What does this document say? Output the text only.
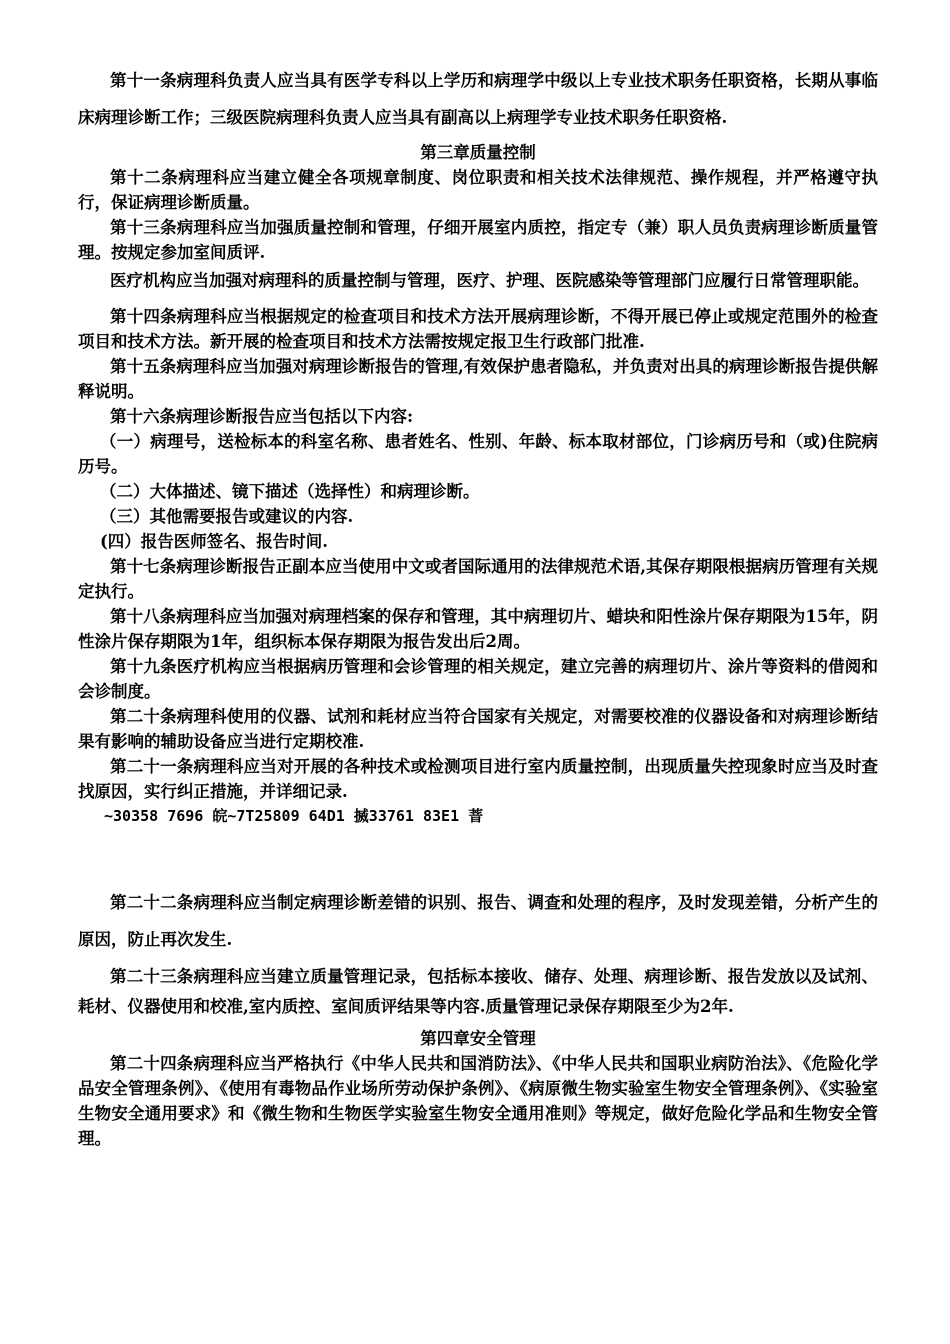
第十一条病理科负责人应当具有医学专科以上学历和病理学中级以上专业技术职务任职资格，长期从事临床病理诊断工作；三级医院病理科负责人应当具有副高以上病理学专业技术职务任职资格.

第三章质量控制

第十二条病理科应当建立健全各项规章制度、岗位职责和相关技术法律规范、操作规程，并严格遵守执行，保证病理诊断质量。

第十三条病理科应当加强质量控制和管理，仔细开展室内质控，指定专（兼）职人员负责病理诊断质量管理。按规定参加室间质评.

医疗机构应当加强对病理科的质量控制与管理，医疗、护理、医院感染等管理部门应履行日常管理职能。

第十四条病理科应当根据规定的检查项目和技术方法开展病理诊断，不得开展已停止或规定范围外的检查项目和技术方法。新开展的检查项目和技术方法需按规定报卫生行政部门批准.

第十五条病理科应当加强对病理诊断报告的管理,有效保护患者隐私，并负责对出具的病理诊断报告提供解释说明。

第十六条病理诊断报告应当包括以下内容:

（一）病理号，送检标本的科室名称、患者姓名、性别、年龄、标本取材部位，门诊病历号和（或)住院病历号。

（二）大体描述、镜下描述（选择性）和病理诊断。

（三）其他需要报告或建议的内容.

(四）报告医师签名、报告时间.

第十七条病理诊断报告正副本应当使用中文或者国际通用的法律规范术语,其保存期限根据病历管理有关规定执行。

第十八条病理科应当加强对病理档案的保存和管理，其中病理切片、蜡块和阳性涂片保存期限为15年，阴性涂片保存期限为1年，组织标本保存期限为报告发出后2周。

第十九条医疗机构应当根据病历管理和会诊管理的相关规定，建立完善的病理切片、涂片等资料的借阅和会诊制度。

第二十条病理科使用的仪器、试剂和耗材应当符合国家有关规定，对需要校准的仪器设备和对病理诊断结果有影响的辅助设备应当进行定期校准.

第二十一条病理科应当对开展的各种技术或检测项目进行室内质量控制，出现质量失控现象时应当及时查找原因，实行纠正措施，并详细记录.

~30358 7696 皖~7T25809 64D1 搣33761 83E1 萻

第二十二条病理科应当制定病理诊断差错的识别、报告、调查和处理的程序，及时发现差错，分析产生的原因，防止再次发生.

第二十三条病理科应当建立质量管理记录，包括标本接收、储存、处理、病理诊断、报告发放以及试剂、耗材、仪器使用和校准,室内质控、室间质评结果等内容.质量管理记录保存期限至少为2年.

第四章安全管理

第二十四条病理科应当严格执行《中华人民共和国消防法》、《中华人民共和国职业病防治法》、《危险化学品安全管理条例》、《使用有毒物品作业场所劳动保护条例》、《病原微生物实验室生物安全管理条例》、《实验室生物安全通用要求》和《微生物和生物医学实验室生物安全通用准则》等规定，做好危险化学品和生物安全管理。
